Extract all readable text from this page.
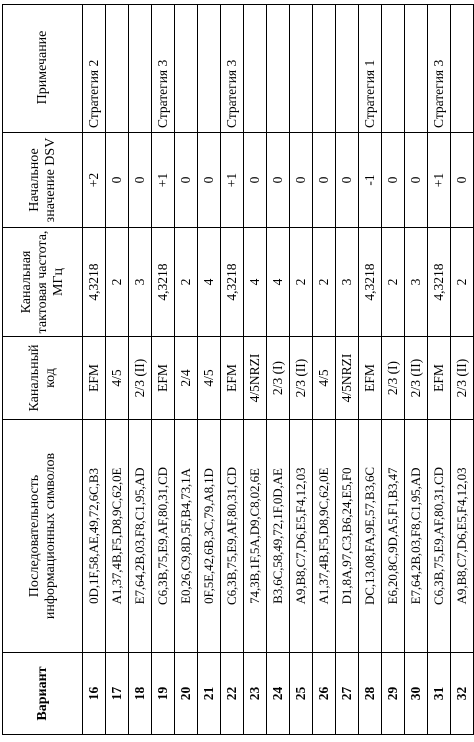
Вариант	Последовательность информационных символов	Канальный код	Канальная тактовая частота, МГц	Начальное значение DSV	Примечание
16	0D,1F,58,AE,49,72,6C,B3	EFM	4,3218	+2	Стратегия 2
17	A1,37,4B,F5,D8,9C,62,0E	4/5	2	0	
18	E7,64,2B,03,F8,C1,95,AD	2/3 (II)	3	0	
19	C6,3B,75,E9,AF,80,31,CD	EFM	4,3218	+1	Стратегия 3
20	E0,26,C9,8D,5F,B4,73,1A	2/4	2	0	
21	0F,5E,42,6B,3C,79,A8,1D	4/5	4	0	
22	C6,3B,75,E9,AF,80,31,CD	EFM	4,3218	+1	Стратегия 3
23	74,3B,1F,5A,D9,C8,02,6E	4/5NRZI	4	0	
24	B3,6C,58,49,72,1F,0D,AE	2/3 (I)	4	0	
25	A9,B8,C7,D6,E5,F4,12,03	2/3 (II)	2	0	
26	A1,37,4B,F5,D8,9C,62,0E	4/5	2	0	
27	D1,8A,97,C3,B6,24,E5,F0	4/5NRZI	3	0	
28	DC,13,08,FA,9E,57,B3,6C	EFM	4,3218	-1	Стратегия 1
29	E6,20,8C,9D,A5,F1,B3,47	2/3 (I)	2	0	
30	E7,64,2B,03,F8,C1,95,AD	2/3 (II)	3	0	
31	C6,3B,75,E9,AF,80,31,CD	EFM	4,3218	+1	Стратегия 3
32	A9,B8,C7,D6,E5,F4,12,03	2/3 (II)	2	0	
